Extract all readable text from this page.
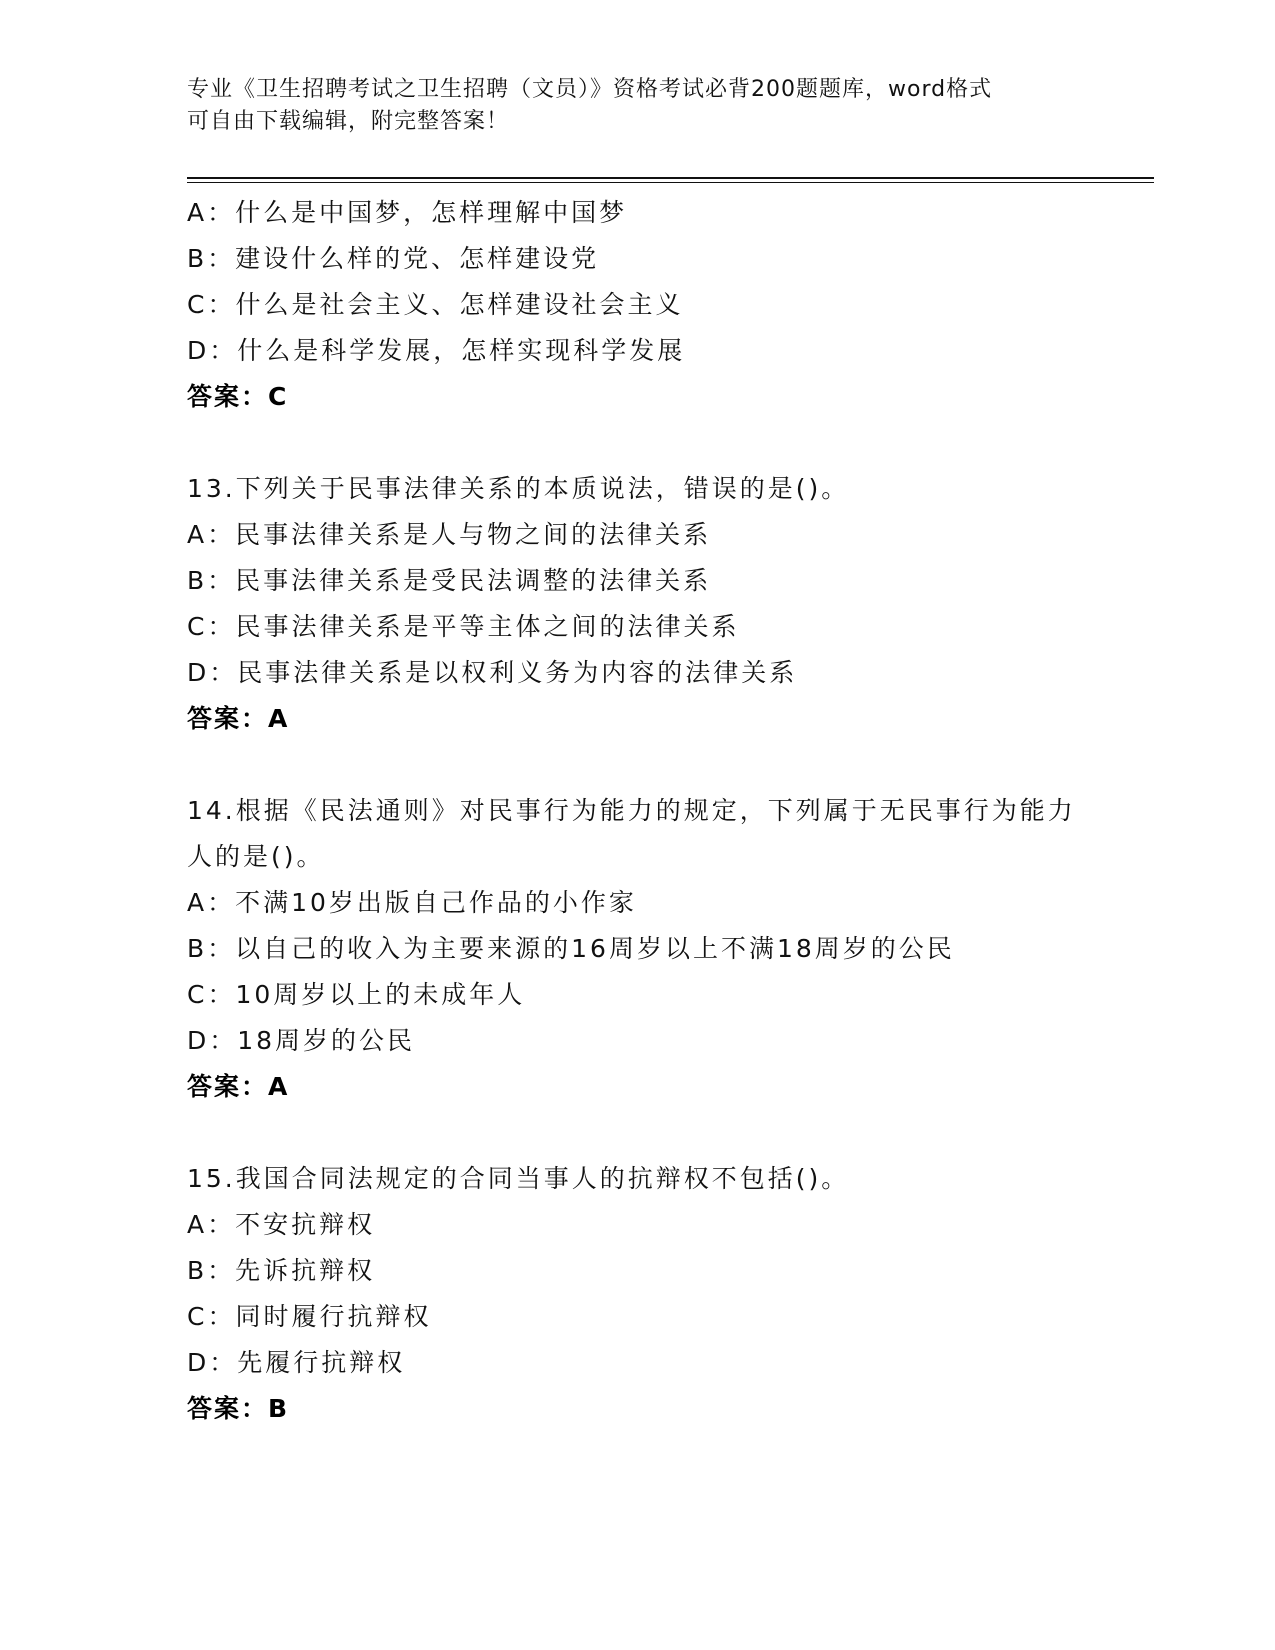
专业《卫生招聘考试之卫生招聘（文员）》资格考试必背200题题库，word格式
可自由下载编辑，附完整答案！
A：什么是中国梦，怎样理解中国梦
B：建设什么样的党、怎样建设党
C：什么是社会主义、怎样建设社会主义
D：什么是科学发展，怎样实现科学发展
答案：C
13.下列关于民事法律关系的本质说法，错误的是()。
A：民事法律关系是人与物之间的法律关系
B：民事法律关系是受民法调整的法律关系
C：民事法律关系是平等主体之间的法律关系
D：民事法律关系是以权利义务为内容的法律关系
答案：A
14.根据《民法通则》对民事行为能力的规定，下列属于无民事行为能力人的是()。
A：不满10岁出版自己作品的小作家
B：以自己的收入为主要来源的16周岁以上不满18周岁的公民
C：10周岁以上的未成年人
D：18周岁的公民
答案：A
15.我国合同法规定的合同当事人的抗辩权不包括()。
A：不安抗辩权
B：先诉抗辩权
C：同时履行抗辩权
D：先履行抗辩权
答案：B
